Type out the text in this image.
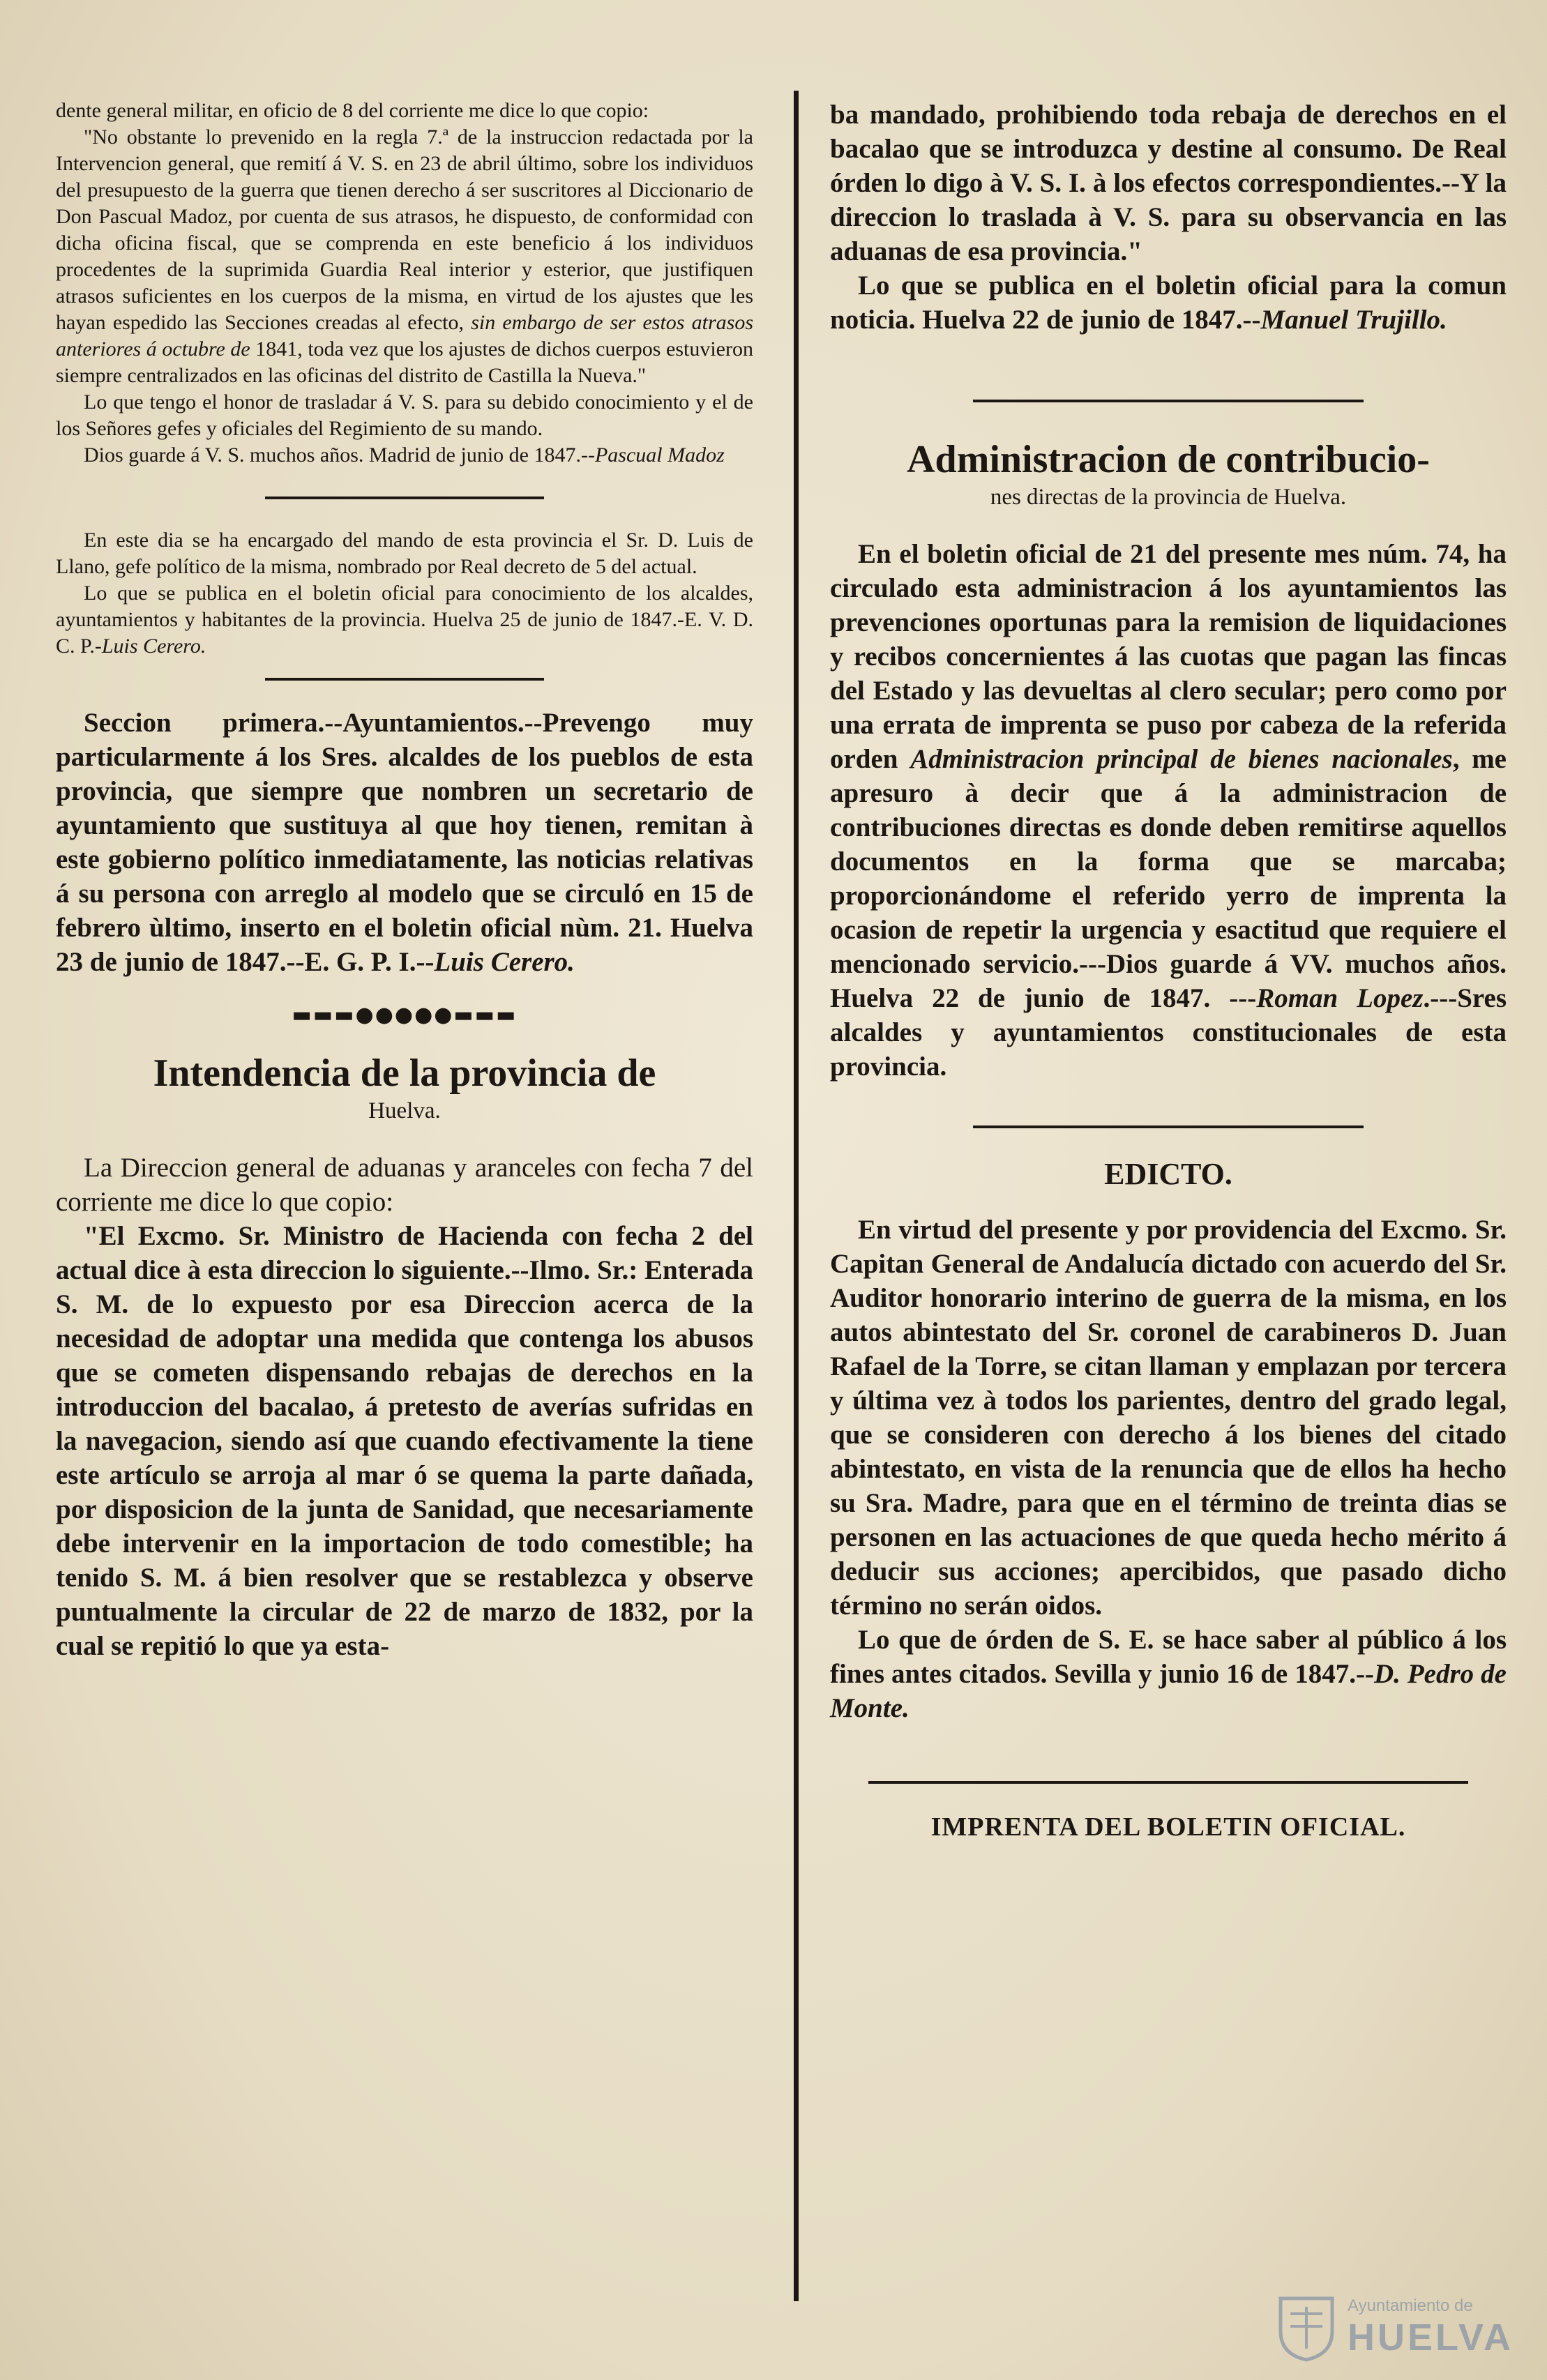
dente general militar, en oficio de 8 del corriente me dice lo que copio:

"No obstante lo prevenido en la regla 7.ª de la instruccion redactada por la Intervencion general, que remití á V. S. en 23 de abril último, sobre los individuos del presupuesto de la guerra que tienen derecho á ser suscritores al Diccionario de Don Pascual Madoz, por cuenta de sus atrasos, he dispuesto, de conformidad con dicha oficina fiscal, que se comprenda en este beneficio á los individuos procedentes de la suprimida Guardia Real interior y esterior, que justifiquen atrasos suficientes en los cuerpos de la misma, en virtud de los ajustes que les hayan espedido las Secciones creadas al efecto, sin embargo de ser estos atrasos anteriores á octubre de 1841, toda vez que los ajustes de dichos cuerpos estuvieron siempre centralizados en las oficinas del distrito de Castilla la Nueva."

Lo que tengo el honor de trasladar á V. S. para su debido conocimiento y el de los Señores gefes y oficiales del Regimiento de su mando.

Dios guarde á V. S. muchos años. Madrid de junio de 1847.--Pascual Madoz

En este dia se ha encargado del mando de esta provincia el Sr. D. Luis de Llano, gefe político de la misma, nombrado por Real decreto de 5 del actual.

Lo que se publica en el boletin oficial para conocimiento de los alcaldes, ayuntamientos y habitantes de la provincia. Huelva 25 de junio de 1847.-E. V. D. C. P.-Luis Cerero.

Seccion primera.--Ayuntamientos.--Prevengo muy particularmente á los Sres. alcaldes de los pueblos de esta provincia, que siempre que nombren un secretario de ayuntamiento que sustituya al que hoy tienen, remitan à este gobierno político inmediatamente, las noticias relativas á su persona con arreglo al modelo que se circuló en 15 de febrero ùltimo, inserto en el boletin oficial nùm. 21. Huelva 23 de junio de 1847.--E. G. P. I.--Luis Cerero.

▬▬▬●●●●●▬▬▬
Intendencia de la provincia de
Huelva.

La Direccion general de aduanas y aranceles con fecha 7 del corriente me dice lo que copio:

"El Excmo. Sr. Ministro de Hacienda con fecha 2 del actual dice à esta direccion lo siguiente.--Ilmo. Sr.: Enterada S. M. de lo expuesto por esa Direccion acerca de la necesidad de adoptar una medida que contenga los abusos que se cometen dispensando rebajas de derechos en la introduccion del bacalao, á pretesto de averías sufridas en la navegacion, siendo así que cuando efectivamente la tiene este artículo se arroja al mar ó se quema la parte dañada, por disposicion de la junta de Sanidad, que necesariamente debe intervenir en la importacion de todo comestible; ha tenido S. M. á bien resolver que se restablezca y observe puntualmente la circular de 22 de marzo de 1832, por la cual se repitió lo que ya esta-

ba mandado, prohibiendo toda rebaja de derechos en el bacalao que se introduzca y destine al consumo. De Real órden lo digo à V. S. I. à los efectos correspondientes.--Y la direccion lo traslada à V. S. para su observancia en las aduanas de esa provincia."

Lo que se publica en el boletin oficial para la comun noticia. Huelva 22 de junio de 1847.--Manuel Trujillo.

Administracion de contribucio-
nes directas de la provincia de Huelva.

En el boletin oficial de 21 del presente mes núm. 74, ha circulado esta administracion á los ayuntamientos las prevenciones oportunas para la remision de liquidaciones y recibos concernientes á las cuotas que pagan las fincas del Estado y las devueltas al clero secular; pero como por una errata de imprenta se puso por cabeza de la referida orden Administracion principal de bienes nacionales, me apresuro à decir que á la administracion de contribuciones directas es donde deben remitirse aquellos documentos en la forma que se marcaba; proporcionándome el referido yerro de imprenta la ocasion de repetir la urgencia y esactitud que requiere el mencionado servicio.---Dios guarde á VV. muchos años. Huelva 22 de junio de 1847. ---Roman Lopez.---Sres alcaldes y ayuntamientos constitucionales de esta provincia.

EDICTO.

En virtud del presente y por providencia del Excmo. Sr. Capitan General de Andalucía dictado con acuerdo del Sr. Auditor honorario interino de guerra de la misma, en los autos abintestato del Sr. coronel de carabineros D. Juan Rafael de la Torre, se citan llaman y emplazan por tercera y última vez à todos los parientes, dentro del grado legal, que se consideren con derecho á los bienes del citado abintestato, en vista de la renuncia que de ellos ha hecho su Sra. Madre, para que en el término de treinta dias se personen en las actuaciones de que queda hecho mérito á deducir sus acciones; apercibidos, que pasado dicho término no serán oidos.

Lo que de órden de S. E. se hace saber al público á los fines antes citados. Sevilla y junio 16 de 1847.--D. Pedro de Monte.

IMPRENTA DEL BOLETIN OFICIAL.
Ayuntamiento de
HUELVA
